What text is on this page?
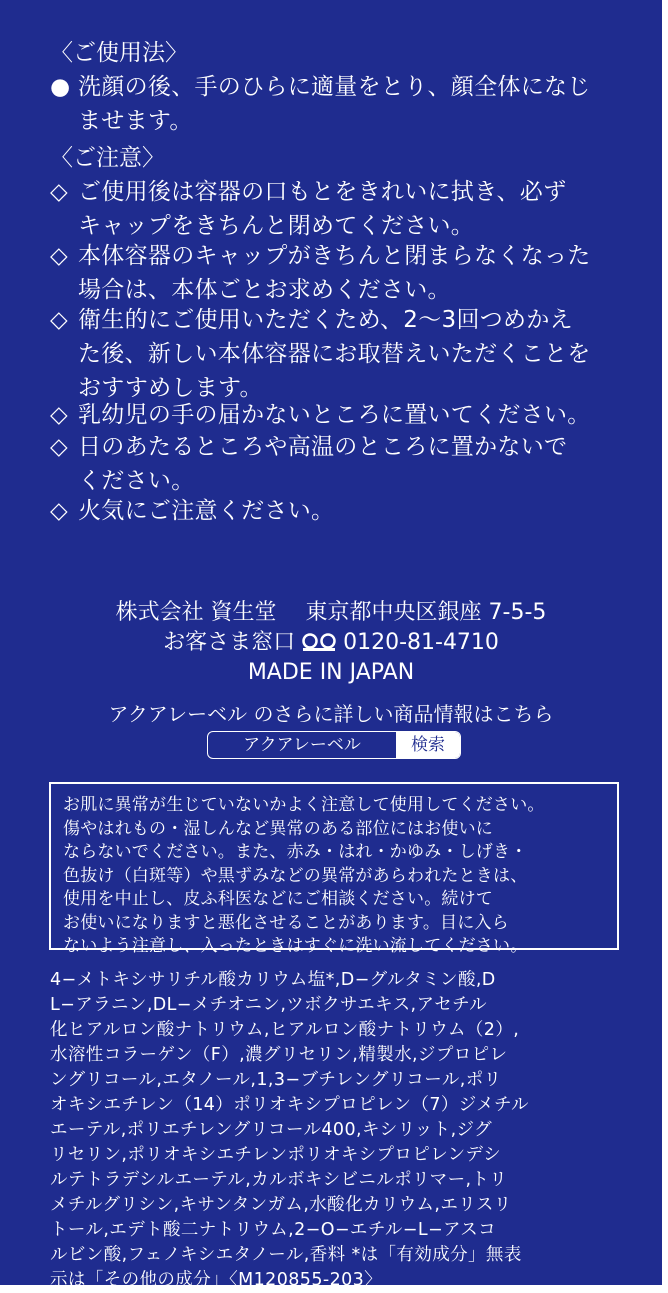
〈ご使用法〉
● 洗顔の後、手のひらに適量をとり、顔全体になじ
ませます。
〈ご注意〉
◇ ご使用後は容器の口もとをきれいに拭き、必ず
キャップをきちんと閉めてください。
◇ 本体容器のキャップがきちんと閉まらなくなった
場合は、本体ごとお求めください。
◇ 衛生的にご使用いただくため、2〜3回つめかえ
た後、新しい本体容器にお取替えいただくことを
おすすめします。
◇ 乳幼児の手の届かないところに置いてください。
◇ 日のあたるところや高温のところに置かないで
ください。
◇ 火気にご注意ください。
株式会社 資生堂　 東京都中央区銀座 7-5-5
お客さま窓口 0120-81-4710
MADE IN JAPAN
アクアレーベル のさらに詳しい商品情報はこちら
アクアレーベル	検索

お肌に異常が生じていないかよく注意して使用してください。

傷やはれもの・湿しんなど異常のある部位にはお使いに

ならないでください。また、赤み・はれ・かゆみ・しげき・

色抜け（白斑等）や黒ずみなどの異常があらわれたときは、

使用を中止し、皮ふ科医などにご相談ください。続けて

お使いになりますと悪化させることがあります。目に入ら

ないよう注意し、入ったときはすぐに洗い流してください。

4−メトキシサリチル酸カリウム塩*,D−グルタミン酸,D

L−アラニン,DL−メチオニン,ツボクサエキス,アセチル

化ヒアルロン酸ナトリウム,ヒアルロン酸ナトリウム（2）,

水溶性コラーゲン（F）,濃グリセリン,精製水,ジプロピレ

ングリコール,エタノール,1,3−ブチレングリコール,ポリ

オキシエチレン（14）ポリオキシプロピレン（7）ジメチル

エーテル,ポリエチレングリコール400,キシリット,ジグ

リセリン,ポリオキシエチレンポリオキシプロピレンデシ

ルテトラデシルエーテル,カルボキシビニルポリマー,トリ

メチルグリシン,キサンタンガム,水酸化カリウム,エリスリ

トール,エデト酸二ナトリウム,2−O−エチル−L−アスコ

ルビン酸,フェノキシエタノール,香料 *は「有効成分」無表

示は「その他の成分」〈M120855-203〉
